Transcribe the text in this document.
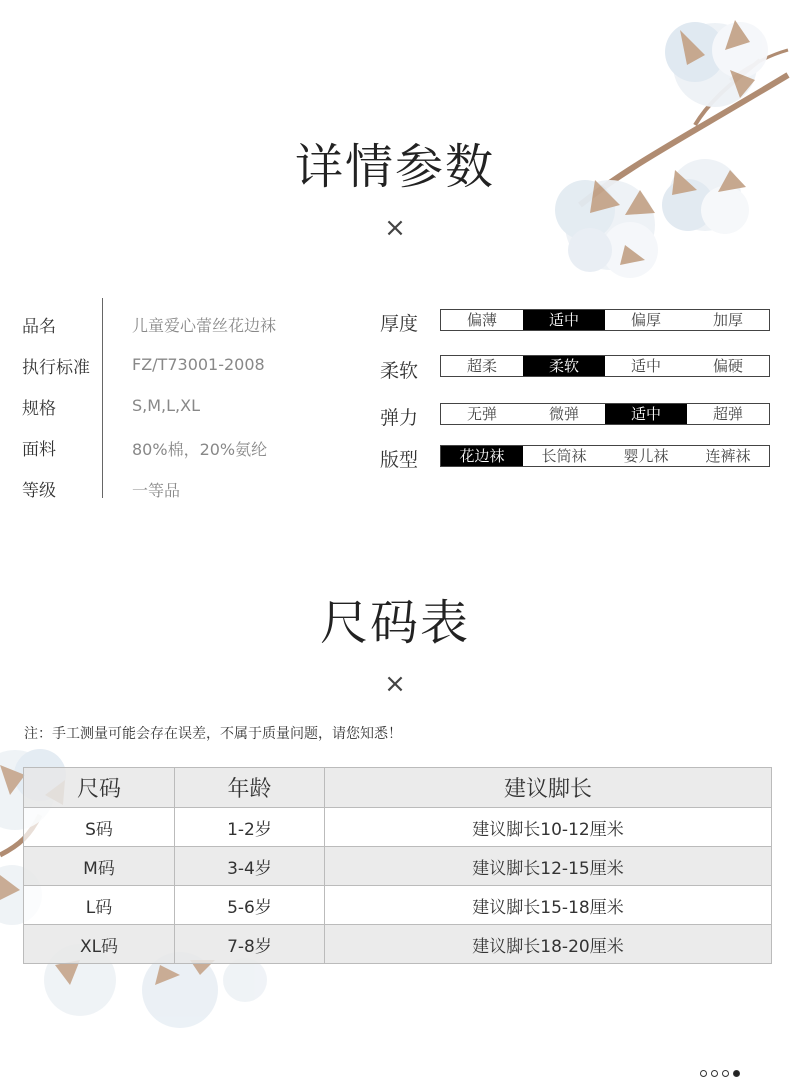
详情参数
×
品名	儿童爱心蕾丝花边袜
执行标准	FZ/T73001-2008
规格	S,M,L,XL
面料	80%棉，20%氨纶
等级	一等品
厚度	偏薄	适中	偏厚	加厚
柔软	超柔	柔软	适中	偏硬
弹力	无弹	微弹	适中	超弹
版型	花边袜	长筒袜	婴儿袜	连裤袜
尺码表
×
注：手工测量可能会存在误差，不属于质量问题，请您知悉！
尺码	年龄	建议脚长
S码	1-2岁	建议脚长10-12厘米
M码	3-4岁	建议脚长12-15厘米
L码	5-6岁	建议脚长15-18厘米
XL码	7-8岁	建议脚长18-20厘米
